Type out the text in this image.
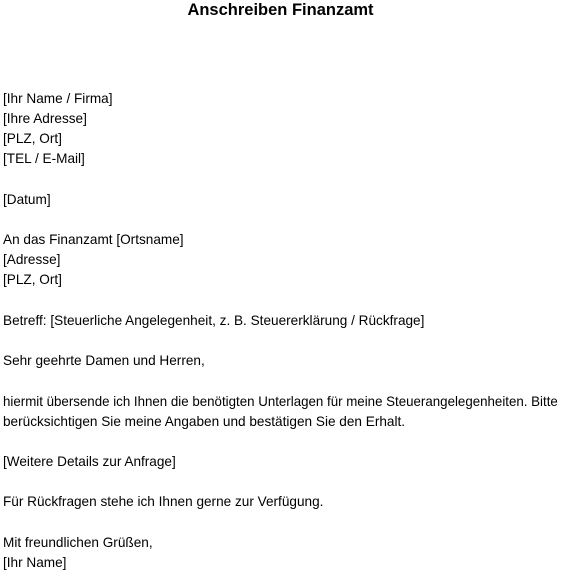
Anschreiben Finanzamt
[Ihr Name / Firma]
[Ihre Adresse]
[PLZ, Ort]
[TEL / E-Mail]
[Datum]
An das Finanzamt [Ortsname]
[Adresse]
[PLZ, Ort]
Betreff: [Steuerliche Angelegenheit, z. B. Steuererklärung / Rückfrage]
Sehr geehrte Damen und Herren,
hiermit übersende ich Ihnen die benötigten Unterlagen für meine Steuerangelegenheiten. Bitte
berücksichtigen Sie meine Angaben und bestätigen Sie den Erhalt.
[Weitere Details zur Anfrage]
Für Rückfragen stehe ich Ihnen gerne zur Verfügung.
Mit freundlichen Grüßen,
[Ihr Name]
